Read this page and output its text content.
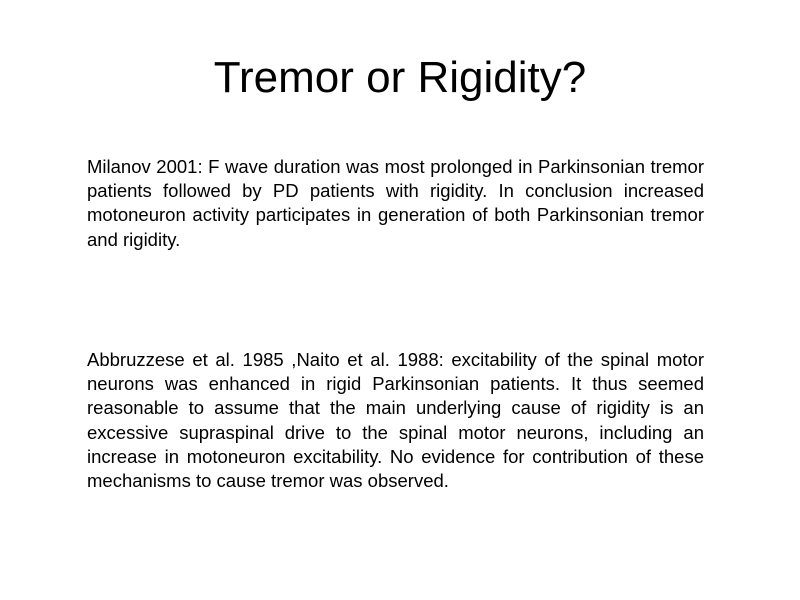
Tremor or Rigidity?

Milanov 2001: F wave duration was most prolonged in Parkinsonian tremor patients followed by PD patients with rigidity. In conclusion increased motoneuron activity participates in generation of both Parkinsonian tremor and rigidity.

Abbruzzese et al. 1985 ,Naito et al. 1988: excitability of the spinal motor neurons was enhanced in rigid Parkinsonian patients. It thus seemed reasonable to assume that the main underlying cause of rigidity is an excessive supraspinal drive to the spinal motor neurons, including an increase in motoneuron excitability. No evidence for contribution of these mechanisms to cause tremor was observed.
